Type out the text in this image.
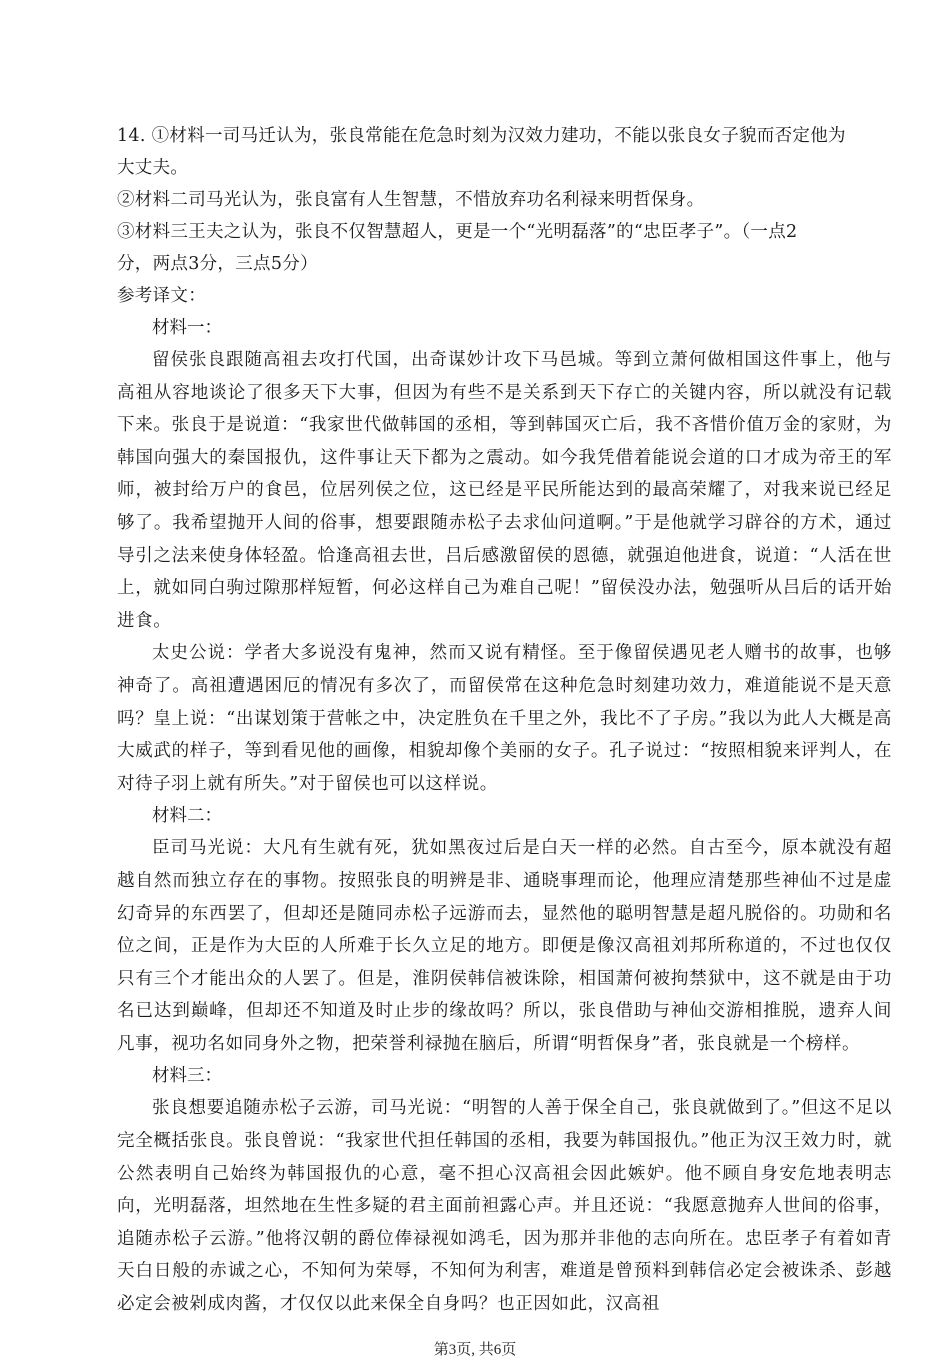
14. ①材料一司马迁认为，张良常能在危急时刻为汉效力建功，不能以张良女子貌而否定他为
大丈夫。
②材料二司马光认为，张良富有人生智慧，不惜放弃功名利禄来明哲保身。
③材料三王夫之认为，张良不仅智慧超人，更是一个“光明磊落”的“忠臣孝子”。（一点2
分，两点3分，三点5分）
参考译文：
材料一：
留侯张良跟随高祖去攻打代国，出奇谋妙计攻下马邑城。等到立萧何做相国这件事上，他与高祖从容地谈论了很多天下大事，但因为有些不是关系到天下存亡的关键内容，所以就没有记载下来。张良于是说道：“我家世代做韩国的丞相，等到韩国灭亡后，我不吝惜价值万金的家财，为韩国向强大的秦国报仇，这件事让天下都为之震动。如今我凭借着能说会道的口才成为帝王的军师，被封给万户的食邑，位居列侯之位，这已经是平民所能达到的最高荣耀了，对我来说已经足够了。我希望抛开人间的俗事，想要跟随赤松子去求仙问道啊。”于是他就学习辟谷的方术，通过导引之法来使身体轻盈。恰逢高祖去世，吕后感激留侯的恩德，就强迫他进食，说道：“人活在世上，就如同白驹过隙那样短暂，何必这样自己为难自己呢！”留侯没办法，勉强听从吕后的话开始进食。
太史公说：学者大多说没有鬼神，然而又说有精怪。至于像留侯遇见老人赠书的故事，也够神奇了。高祖遭遇困厄的情况有多次了，而留侯常在这种危急时刻建功效力，难道能说不是天意吗？皇上说：“出谋划策于营帐之中，决定胜负在千里之外，我比不了子房。”我以为此人大概是高大威武的样子，等到看见他的画像，相貌却像个美丽的女子。孔子说过：“按照相貌来评判人，在对待子羽上就有所失。”对于留侯也可以这样说。
材料二：
臣司马光说：大凡有生就有死，犹如黑夜过后是白天一样的必然。自古至今，原本就没有超越自然而独立存在的事物。按照张良的明辨是非、通晓事理而论，他理应清楚那些神仙不过是虚幻奇异的东西罢了，但却还是随同赤松子远游而去，显然他的聪明智慧是超凡脱俗的。功勋和名位之间，正是作为大臣的人所难于长久立足的地方。即便是像汉高祖刘邦所称道的，不过也仅仅只有三个才能出众的人罢了。但是，淮阴侯韩信被诛除，相国萧何被拘禁狱中，这不就是由于功名已达到巅峰，但却还不知道及时止步的缘故吗？所以，张良借助与神仙交游相推脱，遗弃人间凡事，视功名如同身外之物，把荣誉利禄抛在脑后，所谓“明哲保身”者，张良就是一个榜样。
材料三：
张良想要追随赤松子云游，司马光说：“明智的人善于保全自己，张良就做到了。”但这不足以完全概括张良。张良曾说：“我家世代担任韩国的丞相，我要为韩国报仇。”他正为汉王效力时，就公然表明自己始终为韩国报仇的心意，毫不担心汉高祖会因此嫉妒。他不顾自身安危地表明志向，光明磊落，坦然地在生性多疑的君主面前袒露心声。并且还说：“我愿意抛弃人世间的俗事，追随赤松子云游。”他将汉朝的爵位俸禄视如鸿毛，因为那并非他的志向所在。忠臣孝子有着如青天白日般的赤诚之心，不知何为荣辱，不知何为利害，难道是曾预料到韩信必定会被诛杀、彭越必定会被剁成肉酱，才仅仅以此来保全自身吗？也正因如此，汉高祖
第3页, 共6页
